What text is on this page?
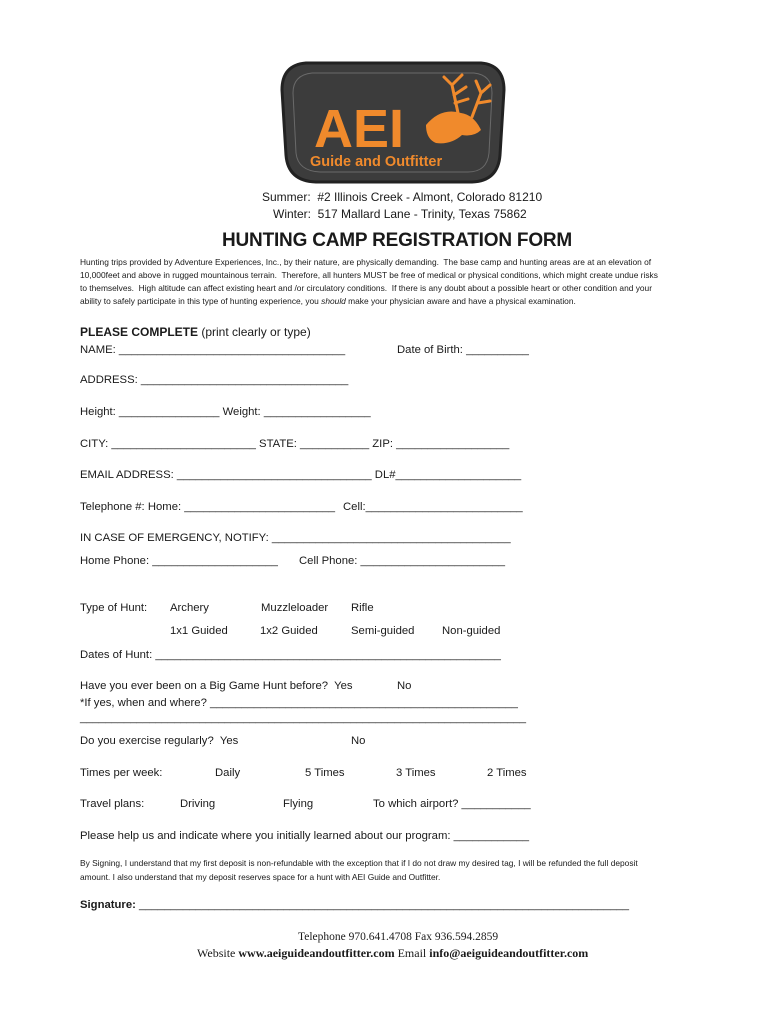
AEI
Guide and Outfitter
Summer:  #2 Illinois Creek - Almont, Colorado 81210
Winter:  517 Mallard Lane - Trinity, Texas 75862
HUNTING CAMP REGISTRATION FORM
Hunting trips provided by Adventure Experiences, Inc., by their nature, are physically demanding.  The base camp and hunting areas are at an elevation of
10,000feet and above in rugged mountainous terrain.  Therefore, all hunters MUST be free of medical or physical conditions, which might create undue risks
to themselves.  High altitude can affect existing heart and /or circulatory conditions.  If there is any doubt about a possible heart or other condition and your
ability to safely participate in this type of hunting experience, you should make your physician aware and have a physical examination.
PLEASE COMPLETE (print clearly or type)
NAME: ____________________________________	Date of Birth: __________
ADDRESS: _________________________________
Height: ________________ Weight: _________________
CITY: _______________________ STATE: ___________ ZIP: __________________
EMAIL ADDRESS: _______________________________ DL#____________________
Telephone #: Home: ________________________ Cell:_________________________
IN CASE OF EMERGENCY, NOTIFY: ______________________________________
Home Phone: ____________________ Cell Phone: _______________________
Type of Hunt: Archery	Muzzleloader Rifle
1x1 Guided	1x2 Guided	Semi-guided Non-guided
Dates of Hunt: _______________________________________________________
Have you ever been on a Big Game Hunt before?  Yes	No
*If yes, when and where? _________________________________________________
_______________________________________________________________________
Do you exercise regularly?  Yes	No
Times per week:	Daily	5 Times	3 Times	2 Times
Travel plans:	Driving	Flying	To which airport? ___________
Please help us and indicate where you initially learned about our program: ____________
By Signing, I understand that my first deposit is non-refundable with the exception that if I do not draw my desired tag, I will be refunded the full deposit
amount. I also understand that my deposit reserves space for a hunt with AEI Guide and Outfitter.
Signature: ______________________________________________________________________________
Telephone 970.641.4708 Fax 936.594.2859
Website www.aeiguideandoutfitter.com Email info@aeiguideandoutfitter.com
